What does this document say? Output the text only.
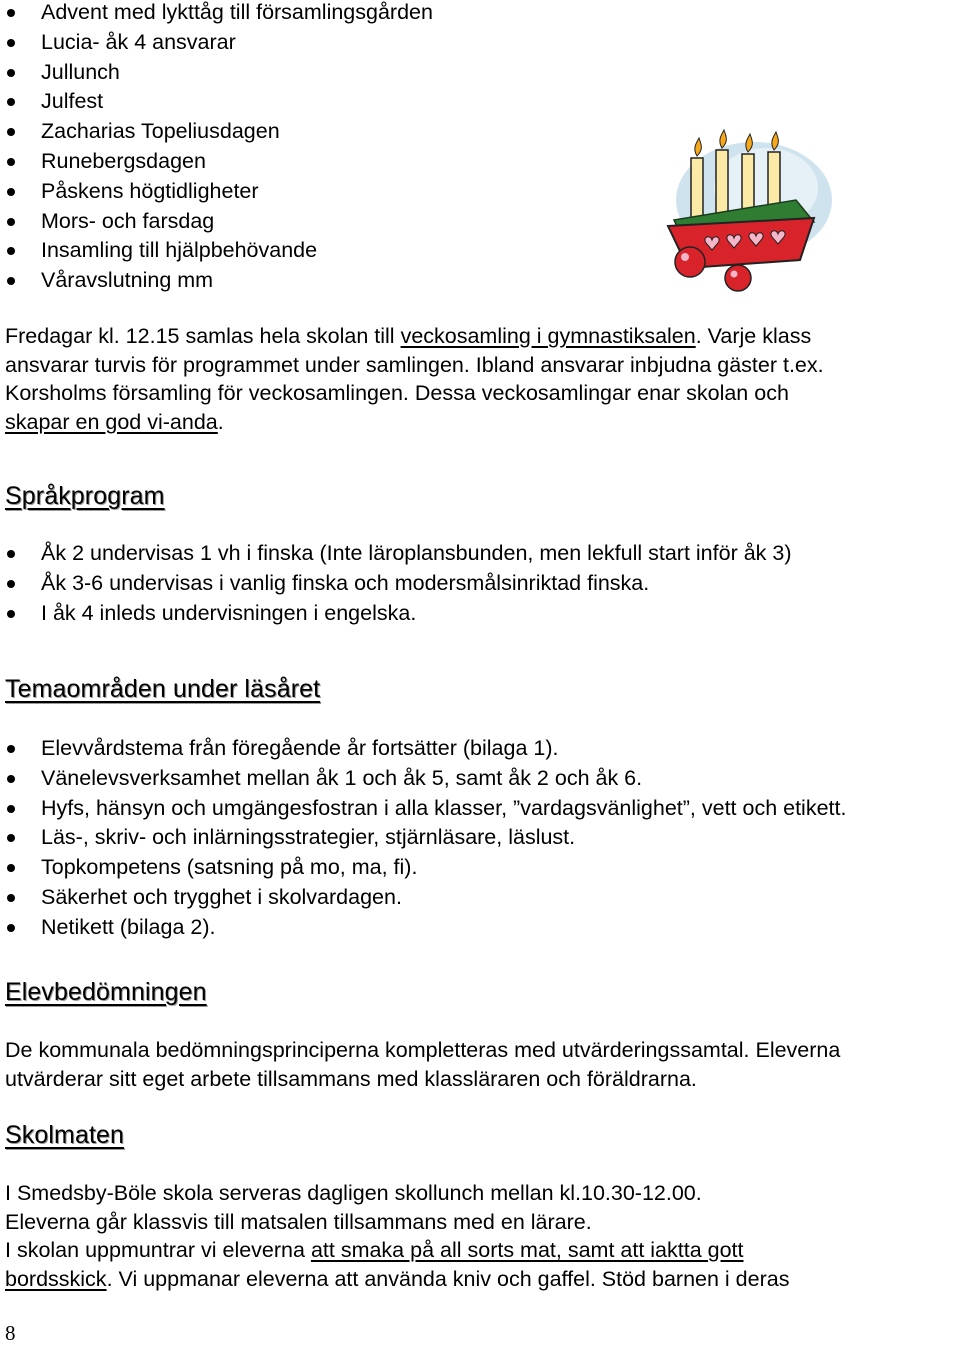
Advent med lykttåg till församlingsgården
Lucia- åk 4 ansvarar
Jullunch
Julfest
Zacharias Topeliusdagen
Runebergsdagen
Påskens högtidligheter
Mors- och farsdag
Insamling till hjälpbehövande
Våravslutning mm
Fredagar kl. 12.15 samlas hela skolan till veckosamling i gymnastiksalen. Varje klass
ansvarar turvis för programmet under samlingen. Ibland ansvarar inbjudna gäster t.ex.
Korsholms församling för veckosamlingen. Dessa veckosamlingar enar skolan och
skapar en god vi-anda.
Språkprogram
Åk 2 undervisas 1 vh i finska (Inte läroplansbunden, men lekfull start inför åk 3)
Åk 3-6 undervisas i vanlig finska och modersmålsinriktad finska.
I åk 4 inleds undervisningen i engelska.
Temaområden under läsåret
Elevvårdstema från föregående år fortsätter (bilaga 1).
Vänelevsverksamhet mellan åk 1 och åk 5, samt åk 2 och åk 6.
Hyfs, hänsyn och umgängesfostran i alla klasser, ”vardagsvänlighet”, vett och etikett.
Läs-, skriv- och inlärningsstrategier, stjärnläsare, läslust.
Topkompetens (satsning på mo, ma, fi).
Säkerhet och trygghet i skolvardagen.
Netikett (bilaga 2).
Elevbedömningen
De kommunala bedömningsprinciperna kompletteras med utvärderingssamtal. Eleverna
utvärderar sitt eget arbete tillsammans med klassläraren och föräldrarna.
Skolmaten
I Smedsby-Böle skola serveras dagligen skollunch mellan kl.10.30-12.00.
Eleverna går klassvis till matsalen tillsammans med en lärare.
I skolan uppmuntrar vi eleverna att smaka på all sorts mat, samt att iaktta gott
bordsskick. Vi uppmanar eleverna att använda kniv och gaffel. Stöd barnen i deras
8
